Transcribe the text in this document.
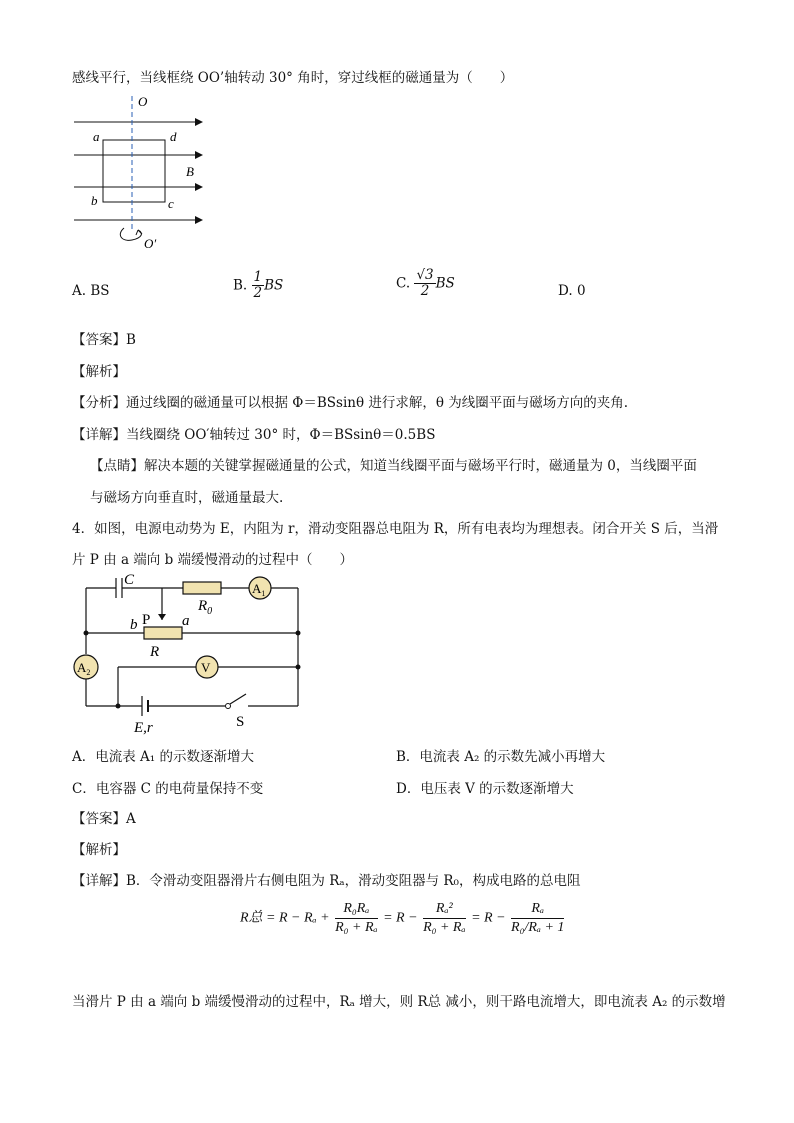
感线平行，当线框绕 OO’轴转动 30° 角时，穿过线框的磁通量为（　　）
O
O′
a	d
b	c
B
A. BS	B. $\frac{1}{2}$ BS	C. $\frac{√3}{2}$ BS	D. 0
【答案】B
【解析】
【分析】通过线圈的磁通量可以根据 Φ＝BSsinθ 进行求解，θ 为线圈平面与磁场方向的夹角.
【详解】当线圈绕 OO′轴转过 30° 时，Φ＝BSsinθ＝0.5BS
【点睛】解决本题的关键掌握磁通量的公式，知道当线圈平面与磁场平行时，磁通量为 0，当线圈平面
与磁场方向垂直时，磁通量最大.
4．如图，电源电动势为 E，内阻为 r，滑动变阻器总电阻为 R，所有电表均为理想表。闭合开关 S 后，当滑
片 P 由 a 端向 b 端缓慢滑动的过程中（　　）
C
$R_0$
$A_1$
P
b	a
R
$A_2$	V
E,r	S
A．电流表 A₁ 的示数逐渐增大	B．电流表 A₂ 的示数先减小再增大
C．电容器 C 的电荷量保持不变	D．电压表 V 的示数逐渐增大
【答案】A
【解析】
【详解】B．令滑动变阻器滑片右侧电阻为 Rₐ，滑动变阻器与 R₀，构成电路的总电阻
R总 = $R - R_a + \frac{\text{R₀Rₐ}}{\text{R₀ + Rₐ}} = R - \frac{\text{Rₐ²}}{\text{R₀ + Rₐ}} = R - \frac{\text{Rₐ}}{\text{R₀/Rₐ + 1}}$
当滑片 P 由 a 端向 b 端缓慢滑动的过程中，Rₐ 增大，则 R总 减小，则干路电流增大，即电流表 A₂ 的示数增
